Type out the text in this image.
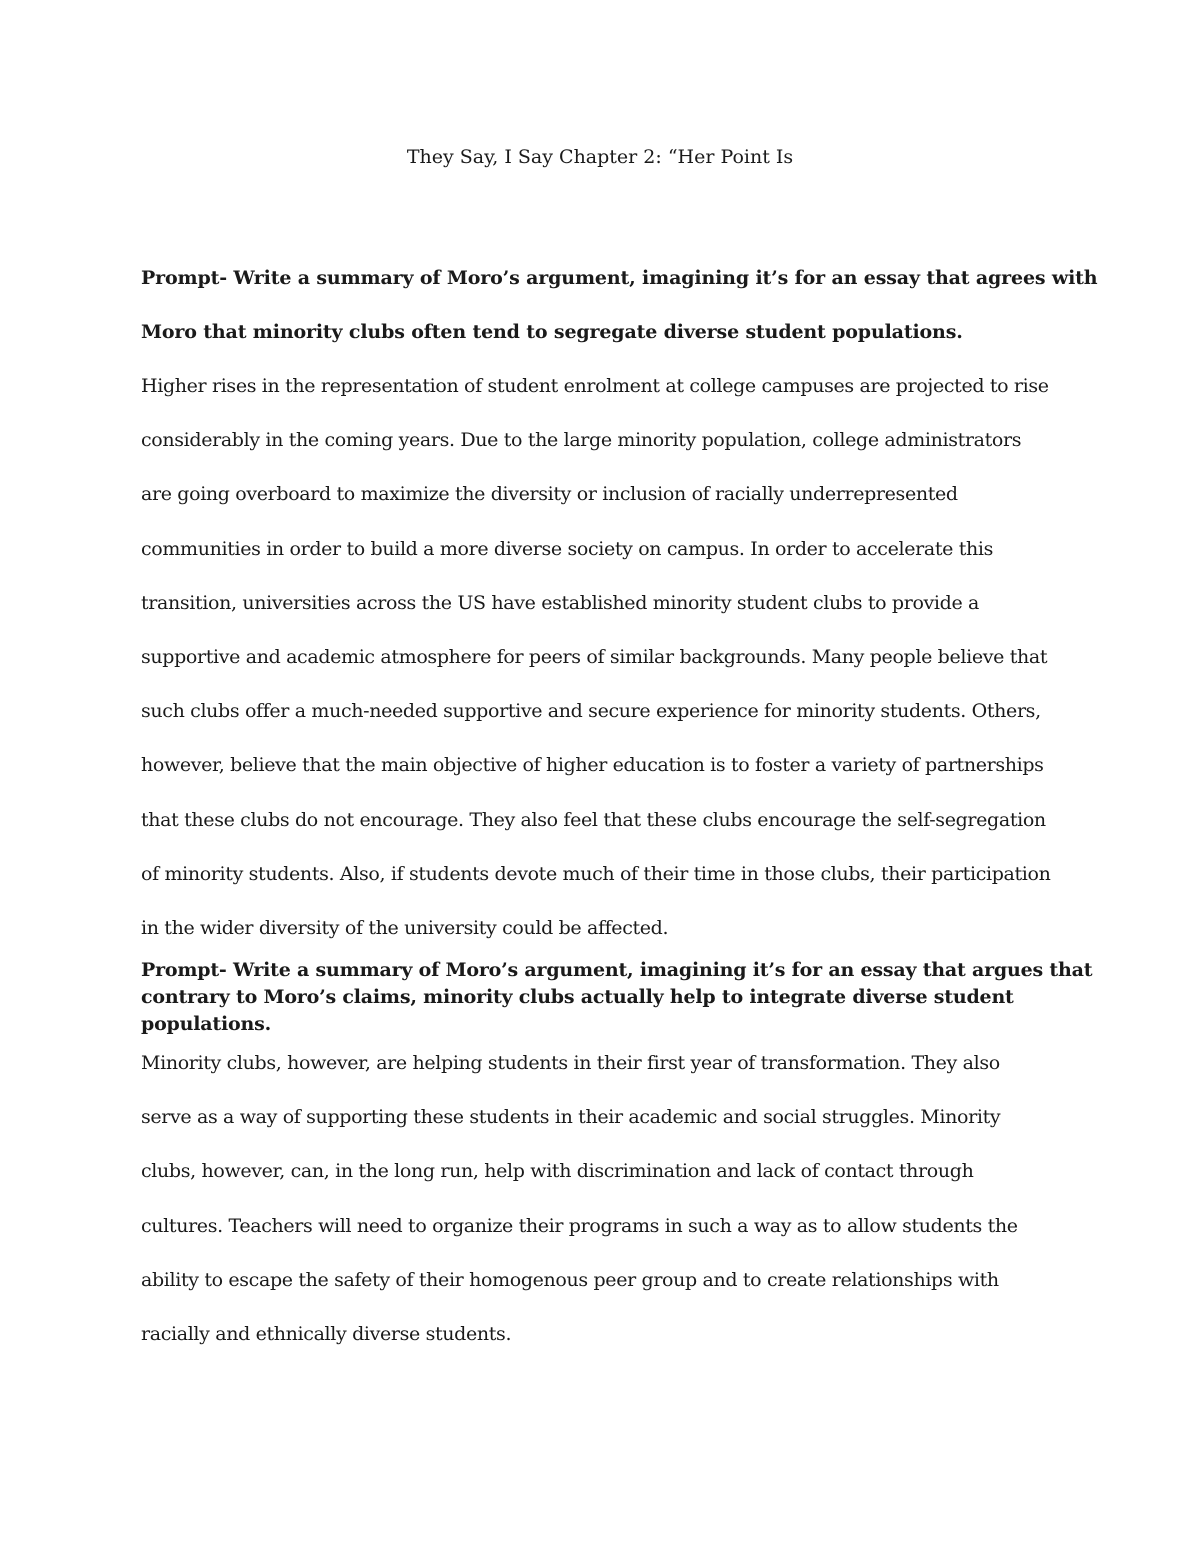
They Say, I Say Chapter 2: “Her Point Is

Prompt- Write a summary of Moro’s argument, imagining it’s for an essay that agrees with
Moro that minority clubs often tend to segregate diverse student populations.

Higher rises in the representation of student enrolment at college campuses are projected to rise
considerably in the coming years. Due to the large minority population, college administrators
are going overboard to maximize the diversity or inclusion of racially underrepresented
communities in order to build a more diverse society on campus. In order to accelerate this
transition, universities across the US have established minority student clubs to provide a
supportive and academic atmosphere for peers of similar backgrounds. Many people believe that
such clubs offer a much-needed supportive and secure experience for minority students. Others,
however, believe that the main objective of higher education is to foster a variety of partnerships
that these clubs do not encourage. They also feel that these clubs encourage the self-segregation
of minority students. Also, if students devote much of their time in those clubs, their participation
in the wider diversity of the university could be affected.

Prompt- Write a summary of Moro’s argument, imagining it’s for an essay that argues that
contrary to Moro’s claims, minority clubs actually help to integrate diverse student
populations.

Minority clubs, however, are helping students in their first year of transformation. They also
serve as a way of supporting these students in their academic and social struggles. Minority
clubs, however, can, in the long run, help with discrimination and lack of contact through
cultures. Teachers will need to organize their programs in such a way as to allow students the
ability to escape the safety of their homogenous peer group and to create relationships with
racially and ethnically diverse students.
